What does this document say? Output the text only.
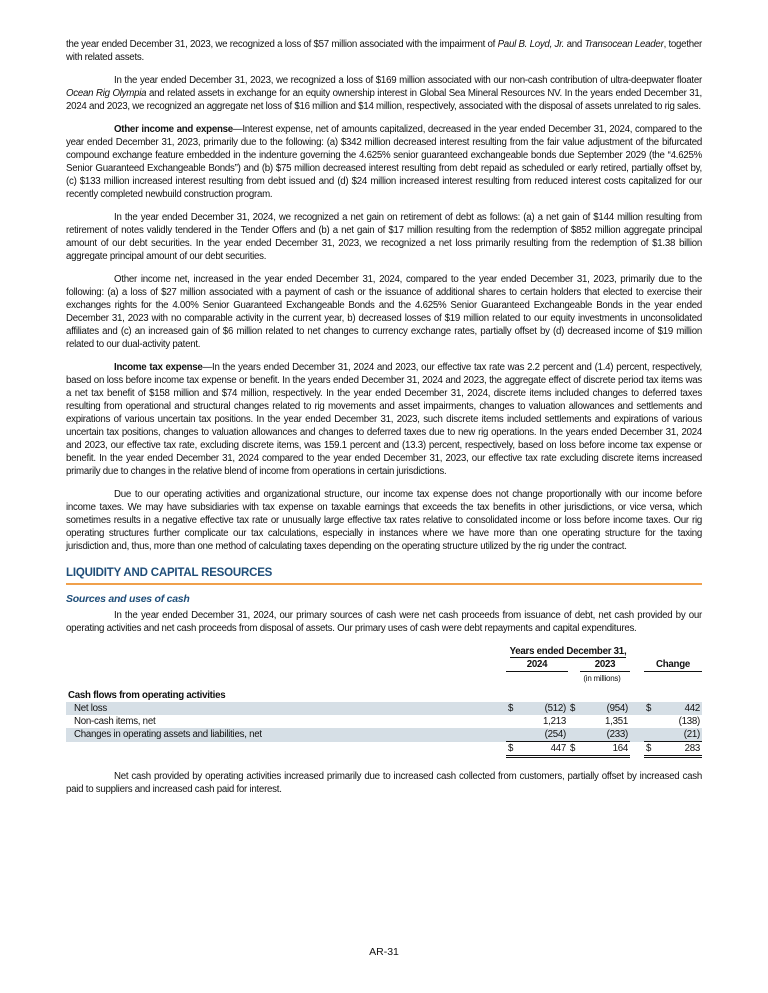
the year ended December 31, 2023, we recognized a loss of $57 million associated with the impairment of Paul B. Loyd, Jr. and Transocean Leader, together with related assets.

In the year ended December 31, 2023, we recognized a loss of $169 million associated with our non-cash contribution of ultra-deepwater floater Ocean Rig Olympia and related assets in exchange for an equity ownership interest in Global Sea Mineral Resources NV. In the years ended December 31, 2024 and 2023, we recognized an aggregate net loss of $16 million and $14 million, respectively, associated with the disposal of assets unrelated to rig sales.

Other income and expense—Interest expense, net of amounts capitalized, decreased in the year ended December 31, 2024, compared to the year ended December 31, 2023, primarily due to the following: (a) $342 million decreased interest resulting from the fair value adjustment of the bifurcated compound exchange feature embedded in the indenture governing the 4.625% senior guaranteed exchangeable bonds due September 2029 (the “4.625% Senior Guaranteed Exchangeable Bonds”) and (b) $75 million decreased interest resulting from debt repaid as scheduled or early retired, partially offset by, (c) $133 million increased interest resulting from debt issued and (d) $24 million increased interest resulting from reduced interest costs capitalized for our recently completed newbuild construction program.

In the year ended December 31, 2024, we recognized a net gain on retirement of debt as follows: (a) a net gain of $144 million resulting from retirement of notes validly tendered in the Tender Offers and (b) a net gain of $17 million resulting from the redemption of $852 million aggregate principal amount of our debt securities. In the year ended December 31, 2023, we recognized a net loss primarily resulting from the redemption of $1.38 billion aggregate principal amount of our debt securities.

Other income net, increased in the year ended December 31, 2024, compared to the year ended December 31, 2023, primarily due to the following: (a) a loss of $27 million associated with a payment of cash or the issuance of additional shares to certain holders that elected to exercise their exchanges rights for the 4.00% Senior Guaranteed Exchangeable Bonds and the 4.625% Senior Guaranteed Exchangeable Bonds in the year ended December 31, 2023 with no comparable activity in the current year, b) decreased losses of $19 million related to our equity investments in unconsolidated affiliates and (c) an increased gain of $6 million related to net changes to currency exchange rates, partially offset by (d) decreased income of $19 million related to our dual-activity patent.

Income tax expense—In the years ended December 31, 2024 and 2023, our effective tax rate was 2.2 percent and (1.4) percent, respectively, based on loss before income tax expense or benefit. In the years ended December 31, 2024 and 2023, the aggregate effect of discrete period tax items was a net tax benefit of $158 million and $74 million, respectively. In the year ended December 31, 2024, discrete items included changes to deferred taxes resulting from operational and structural changes related to rig movements and asset impairments, changes to valuation allowances and settlements and expirations of various uncertain tax positions. In the year ended December 31, 2023, such discrete items included settlements and expirations of various uncertain tax positions, changes to valuation allowances and changes to deferred taxes due to new rig operations. In the years ended December 31, 2024 and 2023, our effective tax rate, excluding discrete items, was 159.1 percent and (13.3) percent, respectively, based on loss before income tax expense or benefit. In the year ended December 31, 2024 compared to the year ended December 31, 2023, our effective tax rate excluding discrete items increased primarily due to changes in the relative blend of income from operations in certain jurisdictions.

Due to our operating activities and organizational structure, our income tax expense does not change proportionally with our income before income taxes. We may have subsidiaries with tax expense on taxable earnings that exceeds the tax benefits in other jurisdictions, or vice versa, which sometimes results in a negative effective tax rate or unusually large effective tax rates relative to consolidated income or loss before income taxes. Our rig operating structures further complicate our tax calculations, especially in instances where we have more than one operating structure for the taxing jurisdiction and, thus, more than one method of calculating taxes depending on the operating structure utilized by the rig under the contract.

LIQUIDITY AND CAPITAL RESOURCES
Sources and uses of cash

In the year ended December 31, 2024, our primary sources of cash were net cash proceeds from issuance of debt, net cash provided by our operating activities and net cash proceeds from disposal of assets. Our primary uses of cash were debt repayments and capital expenditures.

	Years ended December 31,						
	2024			2023		Change	
	(in millions)						
Cash flows from operating activities							
Net loss	$	(512)	$	(954)		$	442
Non-cash items, net		1,213		1,351			(138)
Changes in operating assets and liabilities, net		(254)		(233)			(21)
	$	447	$	164		$	283

Net cash provided by operating activities increased primarily due to increased cash collected from customers, partially offset by increased cash paid to suppliers and increased cash paid for interest.

AR-31
